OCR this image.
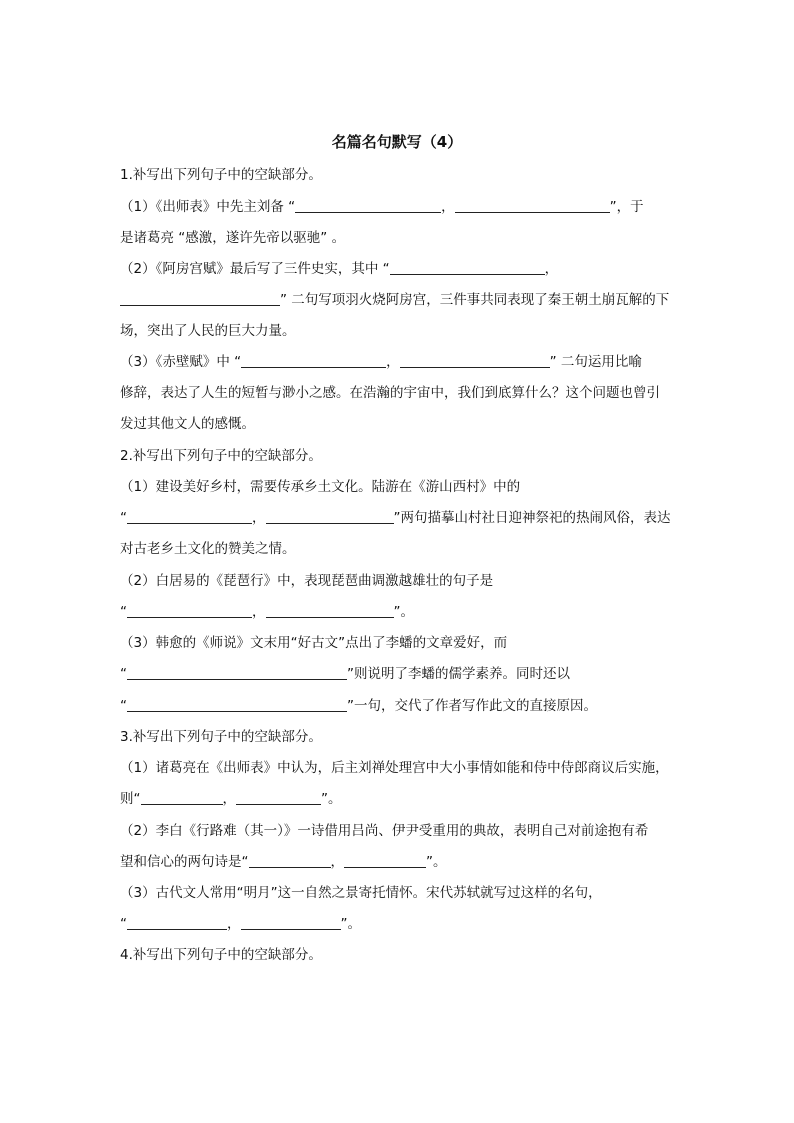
名篇名句默写（4）
1.补写出下列句子中的空缺部分。
（1）《出师表》中先主刘备 “	，	”，于
是诸葛亮 “感激，遂许先帝以驱驰” 。
（2）《阿房宫赋》最后写了三件史实，其中 “	，
” 二句写项羽火烧阿房宫，三件事共同表现了秦王朝土崩瓦解的下
场，突出了人民的巨大力量。
（3）《赤壁赋》中 “	，	” 二句运用比喻
修辞，表达了人生的短暂与渺小之感。在浩瀚的宇宙中，我们到底算什么？这个问题也曾引
发过其他文人的感慨。
2.补写出下列句子中的空缺部分。
（1）建设美好乡村，需要传承乡土文化。陆游在《游山西村》中的
“	，	”两句描摹山村社日迎神祭祀的热闹风俗，表达
对古老乡土文化的赞美之情。
（2）白居易的《琵琶行》中，表现琵琶曲调激越雄壮的句子是
“	，	”。
（3）韩愈的《师说》文末用“好古文”点出了李蟠的文章爱好，而
“	”则说明了李蟠的儒学素养。同时还以
“	”一句，交代了作者写作此文的直接原因。
3.补写出下列句子中的空缺部分。
（1）诸葛亮在《出师表》中认为，后主刘禅处理宫中大小事情如能和侍中侍郎商议后实施，
则“	，	”。
（2）李白《行路难（其一）》一诗借用吕尚、伊尹受重用的典故，表明自己对前途抱有希
望和信心的两句诗是“	，	”。
（3）古代文人常用“明月”这一自然之景寄托情怀。宋代苏轼就写过这样的名句，
“	，	”。
4.补写出下列句子中的空缺部分。
